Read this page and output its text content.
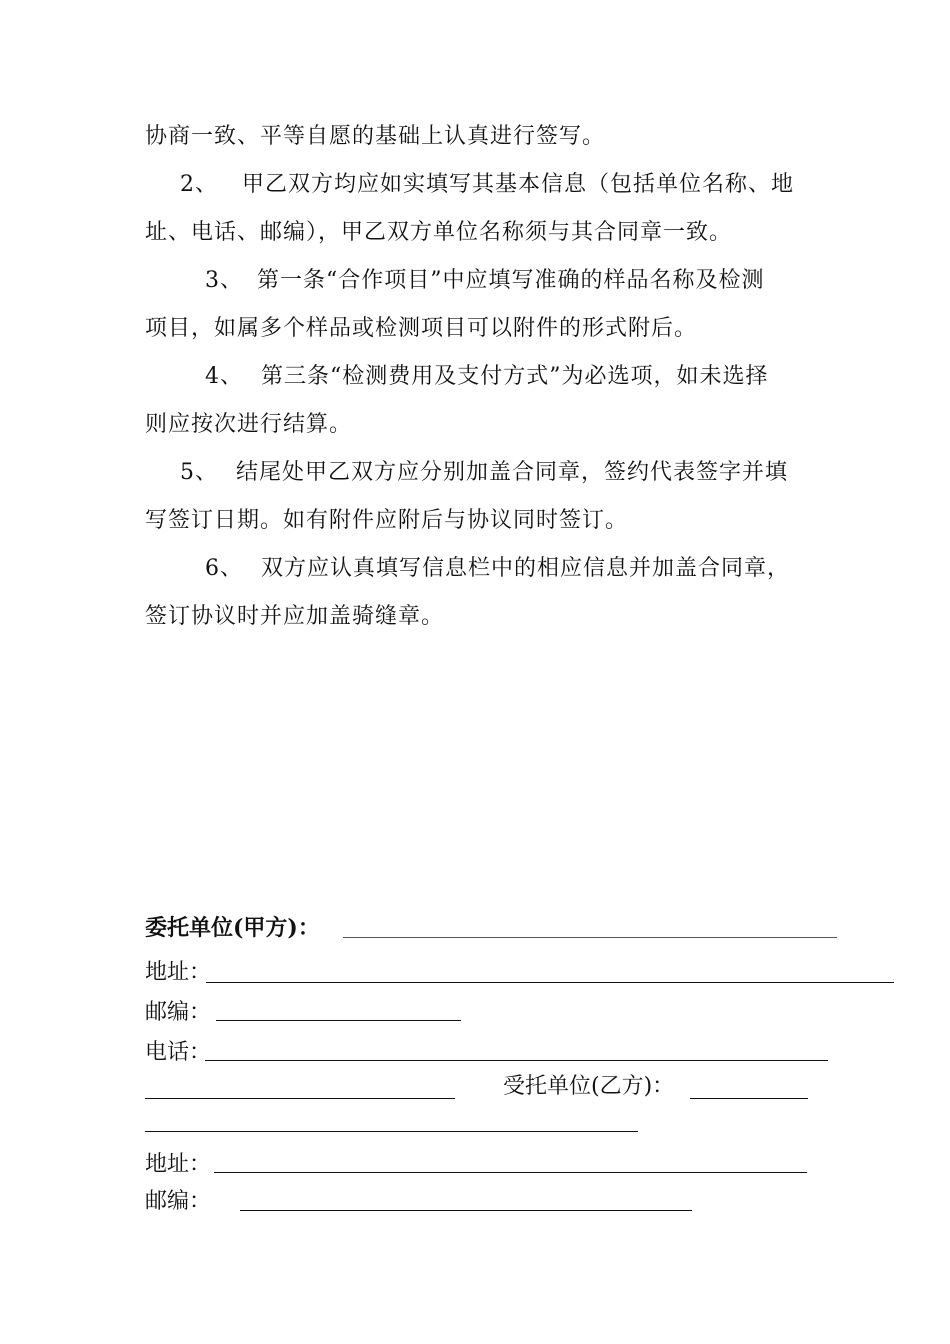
协商一致、平等自愿的基础上认真进行签写。
2、 甲乙双方均应如实填写其基本信息（包括单位名称、地
址、电话、邮编），甲乙双方单位名称须与其合同章一致。
3、 第一条“合作项目”中应填写准确的样品名称及检测
项目，如属多个样品或检测项目可以附件的形式附后。
4、 第三条“检测费用及支付方式”为必选项，如未选择
则应按次进行结算。
5、 结尾处甲乙双方应分别加盖合同章，签约代表签字并填
写签订日期。如有附件应附后与协议同时签订。
6、 双方应认真填写信息栏中的相应信息并加盖合同章，
签订协议时并应加盖骑缝章。
委托单位(甲方)：
地址：
邮编：
电话：
受托单位(乙方)：
地址：
邮编：
